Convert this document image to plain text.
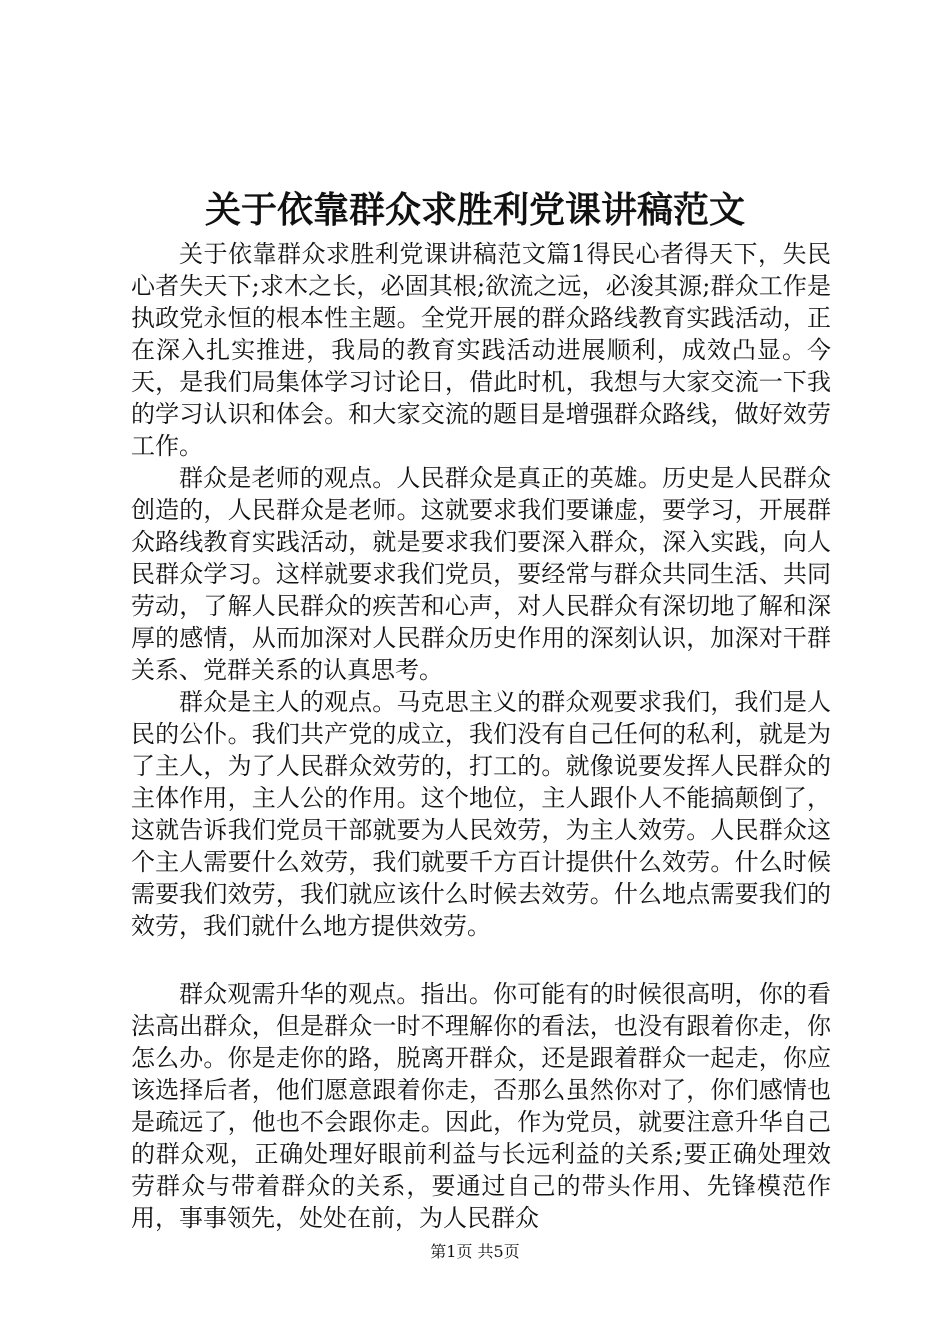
关于依靠群众求胜利党课讲稿范文

关于依靠群众求胜利党课讲稿范文篇1得民心者得天下，失民心者失天下;求木之长，必固其根;欲流之远，必浚其源;群众工作是执政党永恒的根本性主题。全党开展的群众路线教育实践活动，正在深入扎实推进，我局的教育实践活动进展顺利，成效凸显。今天，是我们局集体学习讨论日，借此时机，我想与大家交流一下我的学习认识和体会。和大家交流的题目是增强群众路线，做好效劳工作。

群众是老师的观点。人民群众是真正的英雄。历史是人民群众创造的，人民群众是老师。这就要求我们要谦虚，要学习，开展群众路线教育实践活动，就是要求我们要深入群众，深入实践，向人民群众学习。这样就要求我们党员，要经常与群众共同生活、共同劳动，了解人民群众的疾苦和心声，对人民群众有深切地了解和深厚的感情，从而加深对人民群众历史作用的深刻认识，加深对干群关系、党群关系的认真思考。

群众是主人的观点。马克思主义的群众观要求我们，我们是人民的公仆。我们共产党的成立，我们没有自己任何的私利，就是为了主人，为了人民群众效劳的，打工的。就像说要发挥人民群众的主体作用，主人公的作用。这个地位，主人跟仆人不能搞颠倒了，这就告诉我们党员干部就要为人民效劳，为主人效劳。人民群众这个主人需要什么效劳，我们就要千方百计提供什么效劳。什么时候需要我们效劳，我们就应该什么时候去效劳。什么地点需要我们的效劳，我们就什么地方提供效劳。

群众观需升华的观点。指出。你可能有的时候很高明，你的看法高出群众，但是群众一时不理解你的看法，也没有跟着你走，你怎么办。你是走你的路，脱离开群众，还是跟着群众一起走，你应该选择后者，他们愿意跟着你走，否那么虽然你对了，你们感情也是疏远了，他也不会跟你走。因此，作为党员，就要注意升华自己的群众观，正确处理好眼前利益与长远利益的关系;要正确处理效劳群众与带着群众的关系，要通过自己的带头作用、先锋模范作用，事事领先，处处在前，为人民群众

第1页 共5页
